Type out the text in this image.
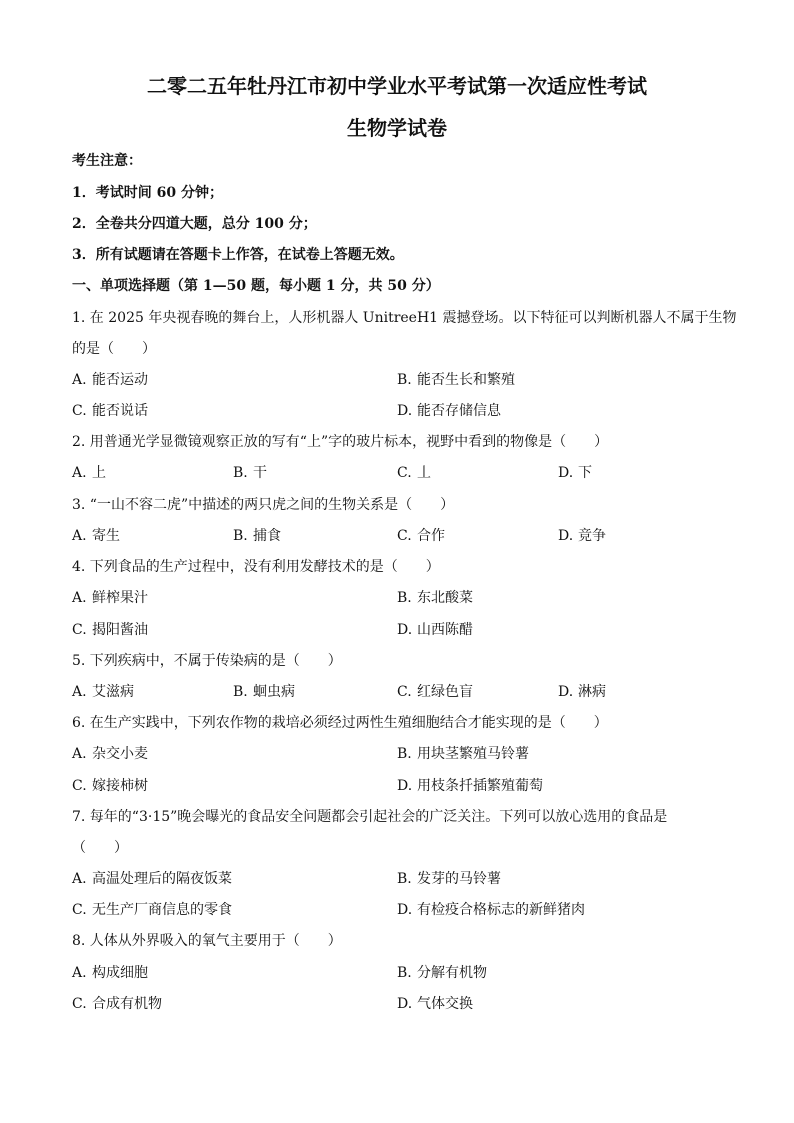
二零二五年牡丹江市初中学业水平考试第一次适应性考试
生物学试卷
考生注意：
1．考试时间 60 分钟；
2．全卷共分四道大题，总分 100 分；
3．所有试题请在答题卡上作答，在试卷上答题无效。
一、单项选择题（第 1—50 题，每小题 1 分，共 50 分）
1. 在 2025 年央视春晚的舞台上，人形机器人 UnitreeH1 震撼登场。以下特征可以判断机器人不属于生物
的是（　　）
A. 能否运动	B. 能否生长和繁殖
C. 能否说话	D. 能否存储信息
2. 用普通光学显微镜观察正放的写有“上”字的玻片标本，视野中看到的物像是（　　）
A. 上	B. 干	C. 丄	D. 下
3. “一山不容二虎”中描述的两只虎之间的生物关系是（　　）
A. 寄生	B. 捕食	C. 合作	D. 竞争
4. 下列食品的生产过程中，没有利用发酵技术的是（　　）
A. 鲜榨果汁	B. 东北酸菜
C. 揭阳酱油	D. 山西陈醋
5. 下列疾病中，不属于传染病的是（　　）
A. 艾滋病	B. 蛔虫病	C. 红绿色盲	D. 淋病
6. 在生产实践中，下列农作物的栽培必须经过两性生殖细胞结合才能实现的是（　　）
A. 杂交小麦	B. 用块茎繁殖马铃薯
C. 嫁接柿树	D. 用枝条扦插繁殖葡萄
7. 每年的“3·15”晚会曝光的食品安全问题都会引起社会的广泛关注。下列可以放心选用的食品是
（　　）
A. 高温处理后的隔夜饭菜	B. 发芽的马铃薯
C. 无生产厂商信息的零食	D. 有检疫合格标志的新鲜猪肉
8. 人体从外界吸入的氧气主要用于（　　）
A. 构成细胞	B. 分解有机物
C. 合成有机物	D. 气体交换
